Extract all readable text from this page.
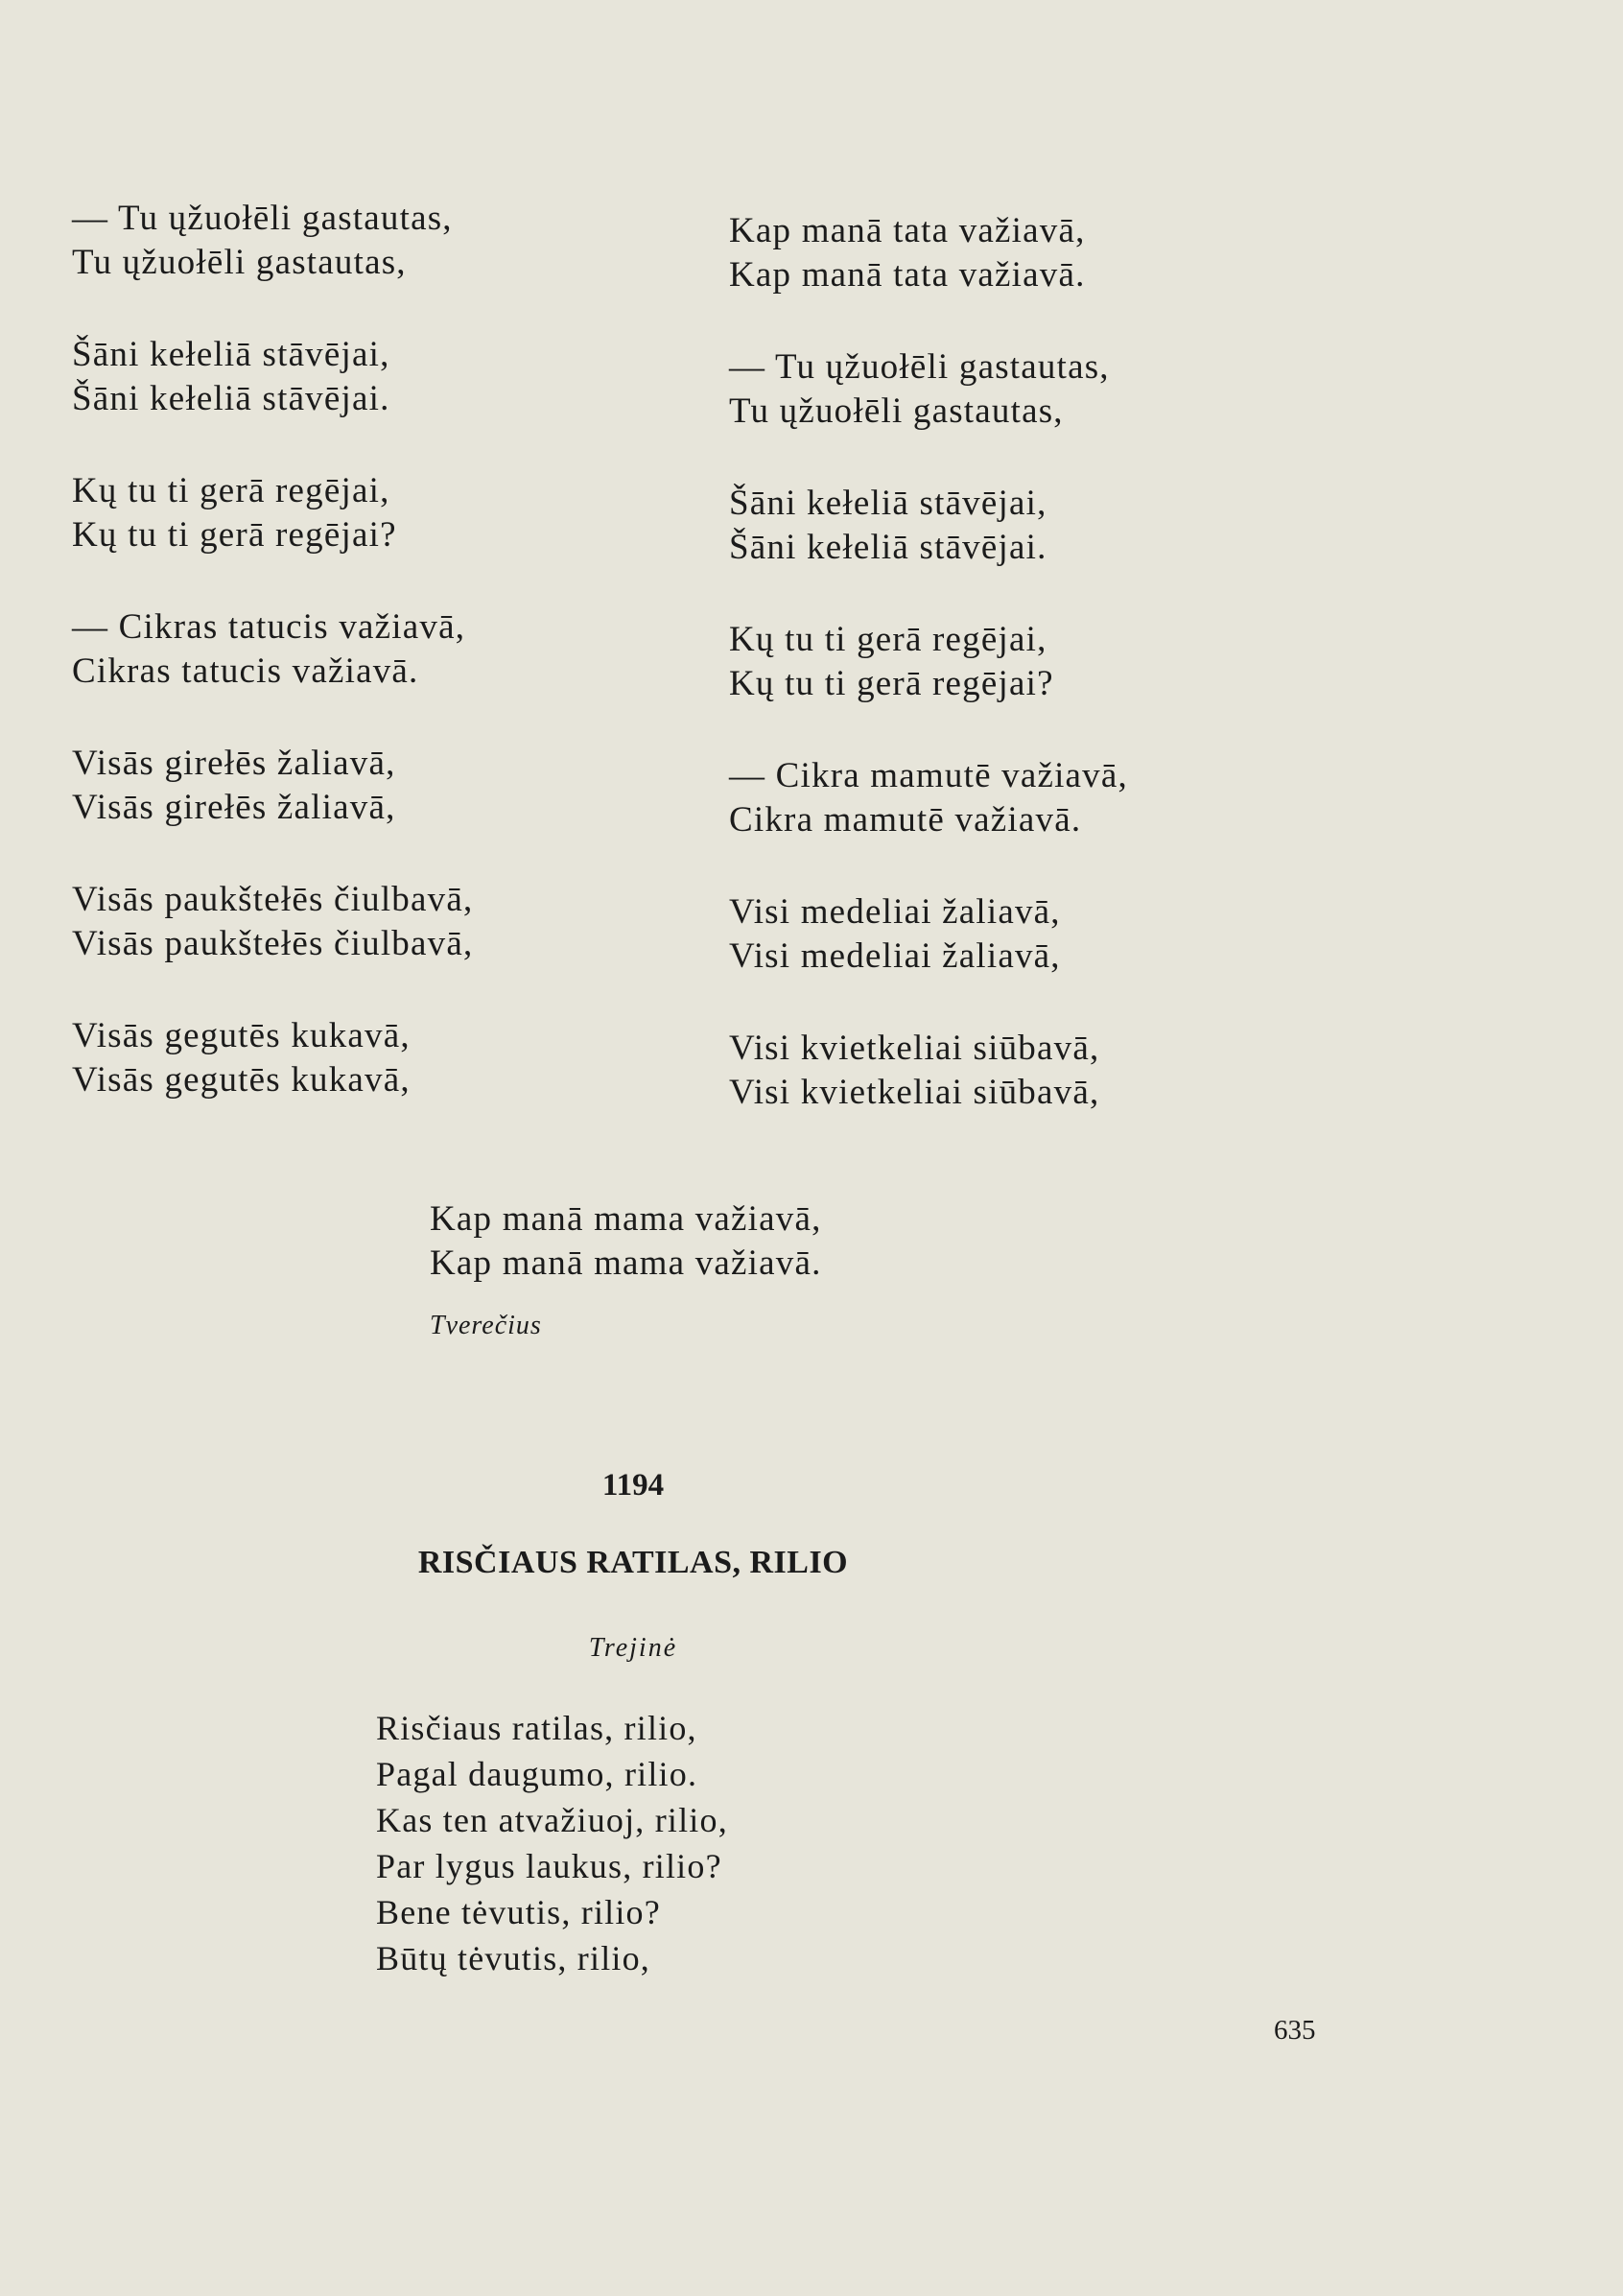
— Tu ųžuołēli gastautas,
Tu ųžuołēli gastautas,
Šāni kełeliā stāvējai,
Šāni kełeliā stāvējai.
Kų tu ti gerā regējai,
Kų tu ti gerā regējai?
— Cikras tatucis važiavā,
Cikras tatucis važiavā.
Visās girełēs žaliavā,
Visās girełēs žaliavā,
Visās paukštełēs čiulbavā,
Visās paukštełēs čiulbavā,
Visās gegutēs kukavā,
Visās gegutēs kukavā,
Kap manā tata važiavā,
Kap manā tata važiavā.
— Tu ųžuołēli gastautas,
Tu ųžuołēli gastautas,
Šāni kełeliā stāvējai,
Šāni kełeliā stāvējai.
Kų tu ti gerā regējai,
Kų tu ti gerā regējai?
— Cikra mamutē važiavā,
Cikra mamutē važiavā.
Visi medeliai žaliavā,
Visi medeliai žaliavā,
Visi kvietkeliai siūbavā,
Visi kvietkeliai siūbavā,
Kap manā mama važiavā,
Kap manā mama važiavā.
Tverečius
1194
RISČIAUS RATILAS, RILIO
Trejinė
Risčiaus ratilas, rilio,
Pagal daugumo, rilio.
Kas ten atvažiuoj, rilio,
Par lygus laukus, rilio?
Bene tėvutis, rilio?
Būtų tėvutis, rilio,
635
